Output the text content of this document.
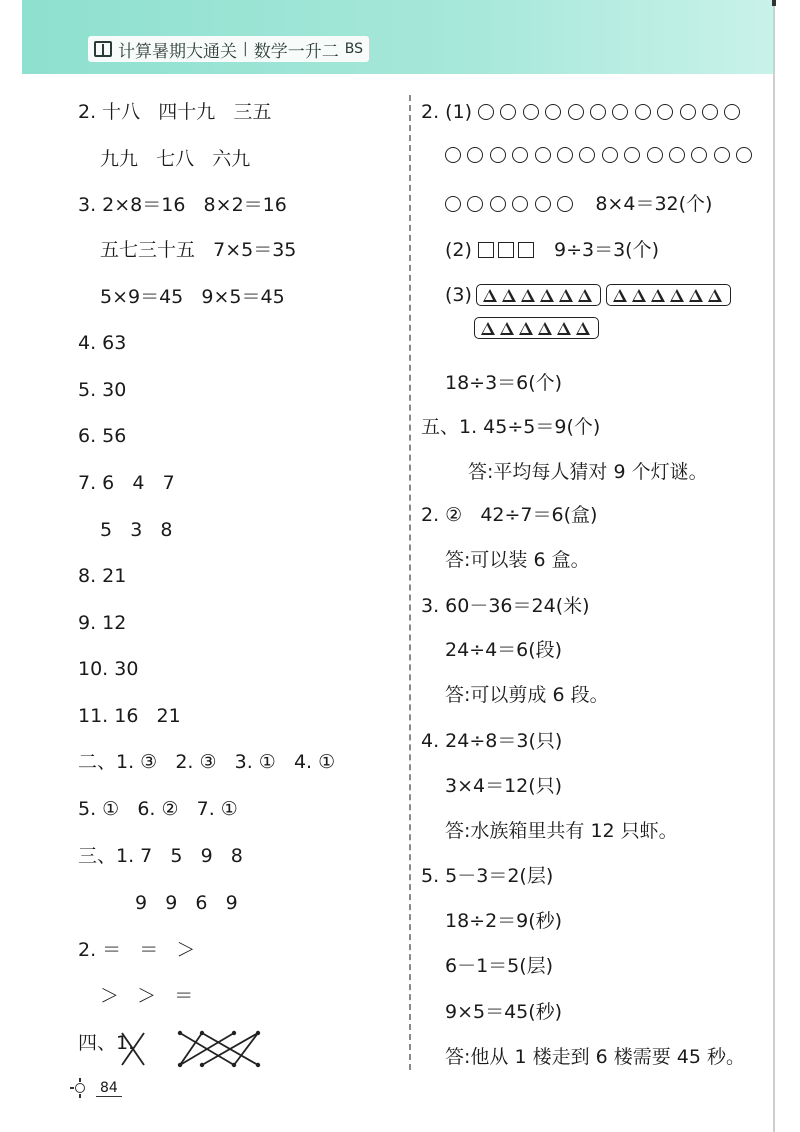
计算暑期大通关 | 数学一升二 BS
2. 十八   四十九   三五
九九   七八   六九
3. 2×8＝16   8×2＝16
五七三十五   7×5＝35
5×9＝45   9×5＝45
4. 63
5. 30
6. 56
7. 6   4   7
5   3   8
8. 21
9. 12
10. 30
11. 16   21
二、1. ③   2. ③   3. ①   4. ①
5. ①   6. ②   7. ①
三、1. 7   5   9   8
9   9   6   9
2. ＝   ＝   ＞
＞   ＞   ＝
四、1.
(2)
18÷3＝6(个)
五、1. 45÷5＝9(个)
答:平均每人猜对 9 个灯谜。
2. ②   42÷7＝6(盒)
答:可以装 6 盒。
3. 60－36＝24(米)
24÷4＝6(段)
答:可以剪成 6 段。
4. 24÷8＝3(只)
3×4＝12(只)
答:水族箱里共有 12 只虾。
5. 5－3＝2(层)
18÷2＝9(秒)
6－1＝5(层)
9×5＝45(秒)
答:他从 1 楼走到 6 楼需要 45 秒。
2. (1)
8×4＝32(个)
9÷3＝3(个)
(3)
84
